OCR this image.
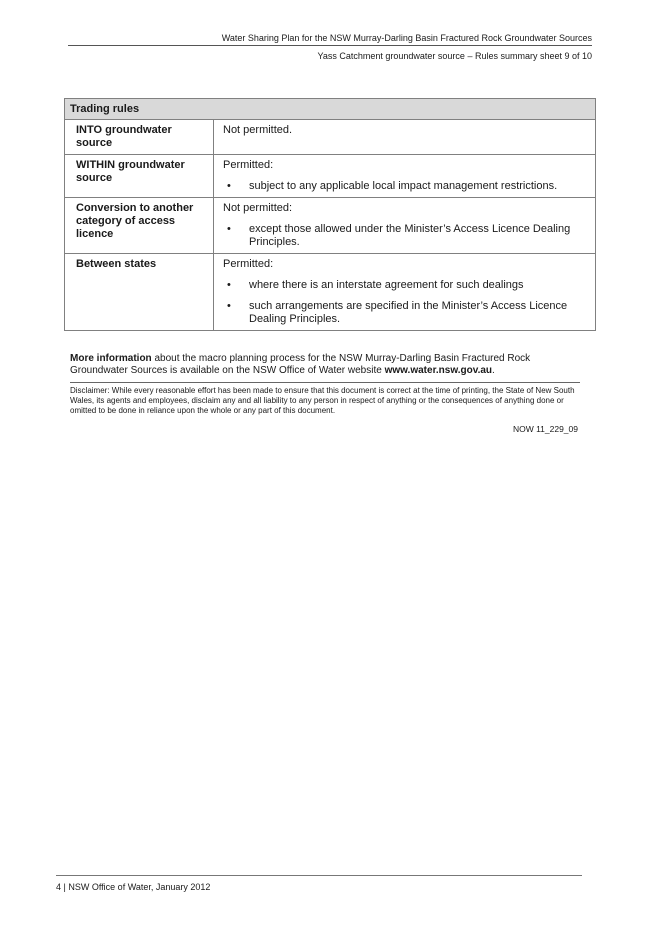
Water Sharing Plan for the NSW Murray-Darling Basin Fractured Rock Groundwater Sources
Yass Catchment groundwater source – Rules summary sheet 9 of 10
Trading rules	
INTO groundwater source	Not permitted.

WITHIN groundwater source	Permitted:
• subject to any applicable local impact management restrictions.

Conversion to another category of access licence	Not permitted:
• except those allowed under the Minister’s Access Licence Dealing Principles.

Between states	Permitted:
• where there is an interstate agreement for such dealings
• such arrangements are specified in the Minister’s Access Licence Dealing Principles.
More information about the macro planning process for the NSW Murray-Darling Basin Fractured Rock Groundwater Sources is available on the NSW Office of Water website www.water.nsw.gov.au.
Disclaimer: While every reasonable effort has been made to ensure that this document is correct at the time of printing, the State of New South Wales, its agents and employees, disclaim any and all liability to any person in respect of anything or the consequences of anything done or omitted to be done in reliance upon the whole or any part of this document.
NOW 11_229_09
4 | NSW Office of Water, January 2012
